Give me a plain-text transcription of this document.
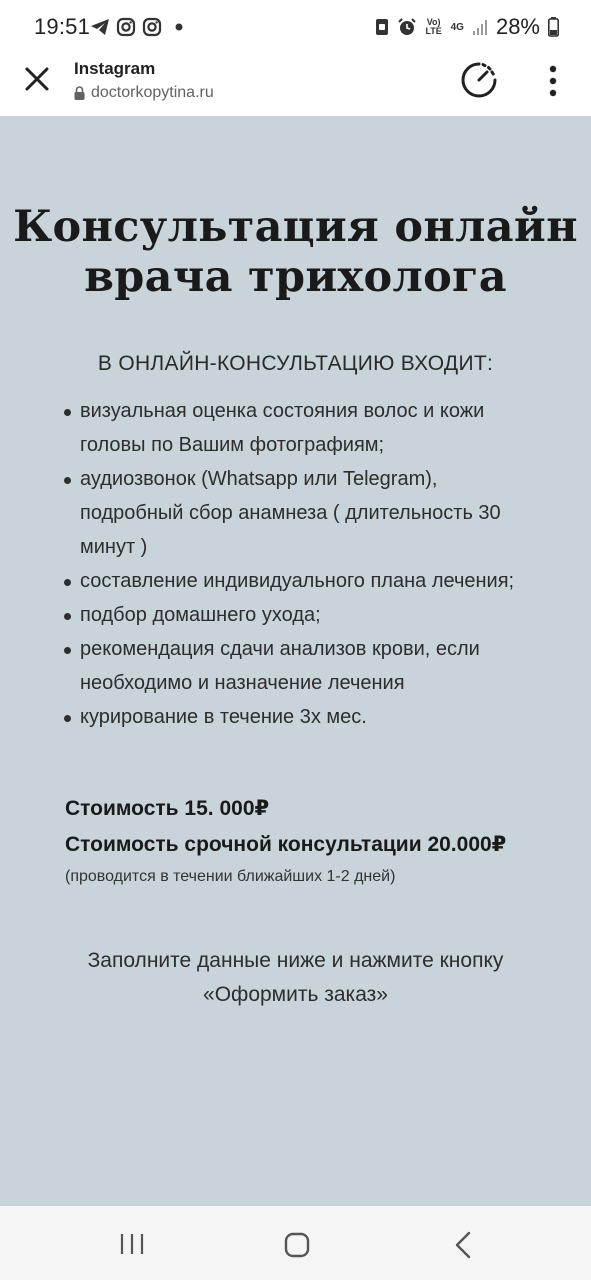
19:51	Vo) LTE 4G 28%
Instagram
doctorkopytina.ru
Консультация онлайн
врача трихолога
В ОНЛАЙН-КОНСУЛЬТАЦИЮ ВХОДИТ:
визуальная оценка состояния волос и кожи головы по Вашим фотографиям;
аудиозвонок (Whatsapp или Telegram), подробный сбор анамнеза ( длительность 30 минут )
составление индивидуального плана лечения;
подбор домашнего ухода;
рекомендация сдачи анализов крови, если необходимо и назначение лечения
курирование в течение 3х мес.
Стоимость 15. 000₽
Стоимость срочной консультации 20.000₽
(проводится в течении ближайших 1-2 дней)
Заполните данные ниже и нажмите кнопку
«Оформить заказ»
